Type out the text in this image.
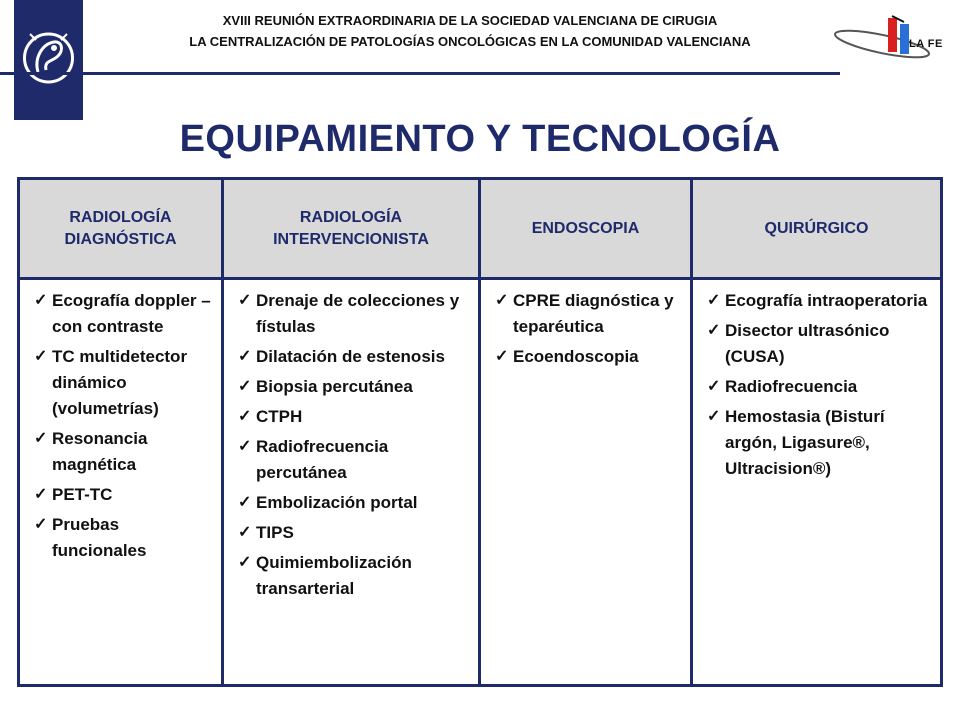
XVIII REUNIÓN EXTRAORDINARIA DE LA SOCIEDAD VALENCIANA DE CIRUGIA
LA CENTRALIZACIÓN DE PATOLOGÍAS ONCOLÓGICAS EN LA COMUNIDAD VALENCIANA	LA FE
EQUIPAMIENTO Y TECNOLOGÍA
RADIOLOGÍA DIAGNÓSTICA
✓ Ecografía doppler – con contraste
✓ TC multidetector dinámico (volumetrías)
✓ Resonancia magnética
✓ PET-TC
✓ Pruebas funcionales
RADIOLOGÍA INTERVENCIONISTA
✓ Drenaje de colecciones y fístulas
✓ Dilatación de estenosis
✓ Biopsia percutánea
✓ CTPH
✓ Radiofrecuencia percutánea
✓ Embolización portal
✓ TIPS
✓ Quimiembolización transarterial
ENDOSCOPIA
✓ CPRE diagnóstica y teparéutica
✓ Ecoendoscopia
QUIRÚRGICO
✓ Ecografía intraoperatoria
✓ Disector ultrasónico (CUSA)
✓ Radiofrecuencia
✓ Hemostasia (Bisturí argón, Ligasure®, Ultracision®)
